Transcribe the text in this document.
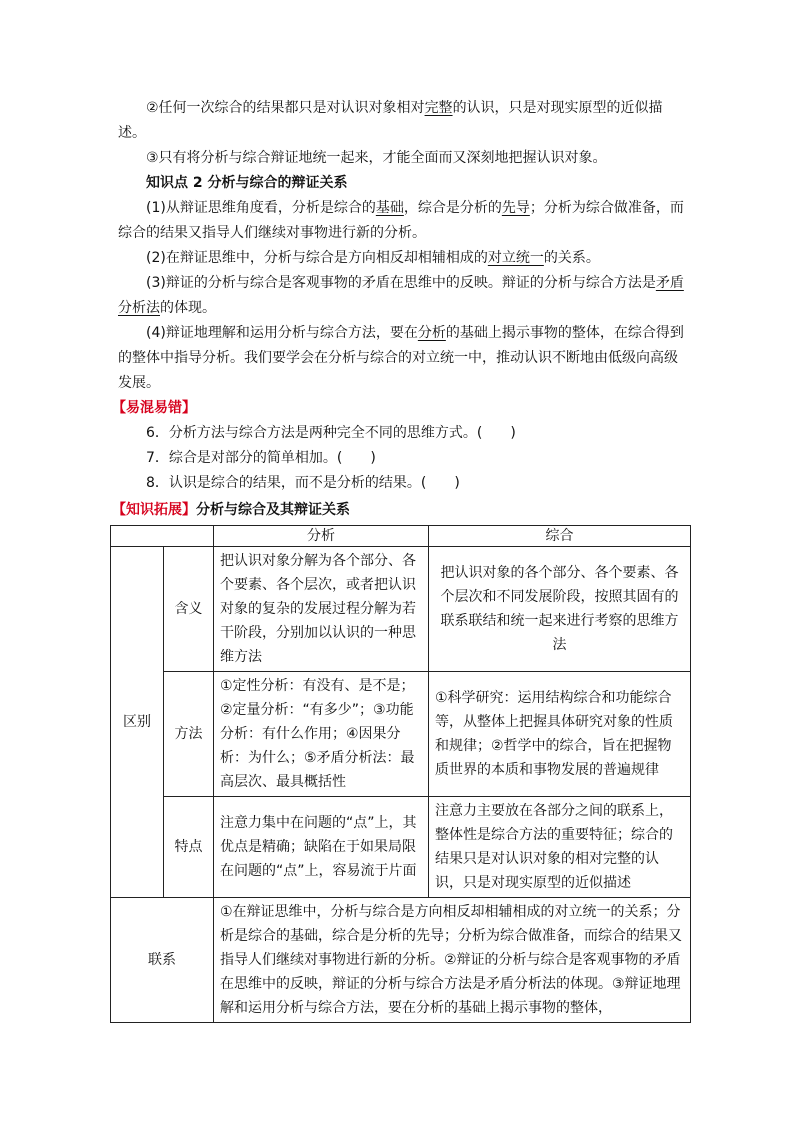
②任何一次综合的结果都只是对认识对象相对完整的认识，只是对现实原型的近似描述。

③只有将分析与综合辩证地统一起来，才能全面而又深刻地把握认识对象。

知识点 2 分析与综合的辩证关系

(1)从辩证思维角度看，分析是综合的基础，综合是分析的先导；分析为综合做准备，而综合的结果又指导人们继续对事物进行新的分析。

(2)在辩证思维中，分析与综合是方向相反却相辅相成的对立统一的关系。

(3)辩证的分析与综合是客观事物的矛盾在思维中的反映。辩证的分析与综合方法是矛盾分析法的体现。

(4)辩证地理解和运用分析与综合方法，要在分析的基础上揭示事物的整体，在综合得到的整体中指导分析。我们要学会在分析与综合的对立统一中，推动认识不断地由低级向高级发展。

【易混易错】

6．分析方法与综合方法是两种完全不同的思维方式。(　　)

7．综合是对部分的简单相加。(　　)

8．认识是综合的结果，而不是分析的结果。(　　)

【知识拓展】分析与综合及其辩证关系

		分析	综合
区别	含义	把认识对象分解为各个部分、各个要素、各个层次，或者把认识对象的复杂的发展过程分解为若干阶段，分别加以认识的一种思维方法	把认识对象的各个部分、各个要素、各个层次和不同发展阶段，按照其固有的联系联结和统一起来进行考察的思维方法
	方法	①定性分析：有没有、是不是；②定量分析：“有多少”；③功能分析：有什么作用；④因果分析：为什么；⑤矛盾分析法：最高层次、最具概括性	①科学研究：运用结构综合和功能综合等，从整体上把握具体研究对象的性质和规律；②哲学中的综合，旨在把握物质世界的本质和事物发展的普遍规律
	特点	注意力集中在问题的“点”上，其优点是精确；缺陷在于如果局限在问题的“点”上，容易流于片面	注意力主要放在各部分之间的联系上，整体性是综合方法的重要特征；综合的结果只是对认识对象的相对完整的认识，只是对现实原型的近似描述
联系		①在辩证思维中，分析与综合是方向相反却相辅相成的对立统一的关系；分析是综合的基础，综合是分析的先导；分析为综合做准备，而综合的结果又指导人们继续对事物进行新的分析。②辩证的分析与综合是客观事物的矛盾在思维中的反映，辩证的分析与综合方法是矛盾分析法的体现。③辩证地理解和运用分析与综合方法，要在分析的基础上揭示事物的整体，	
